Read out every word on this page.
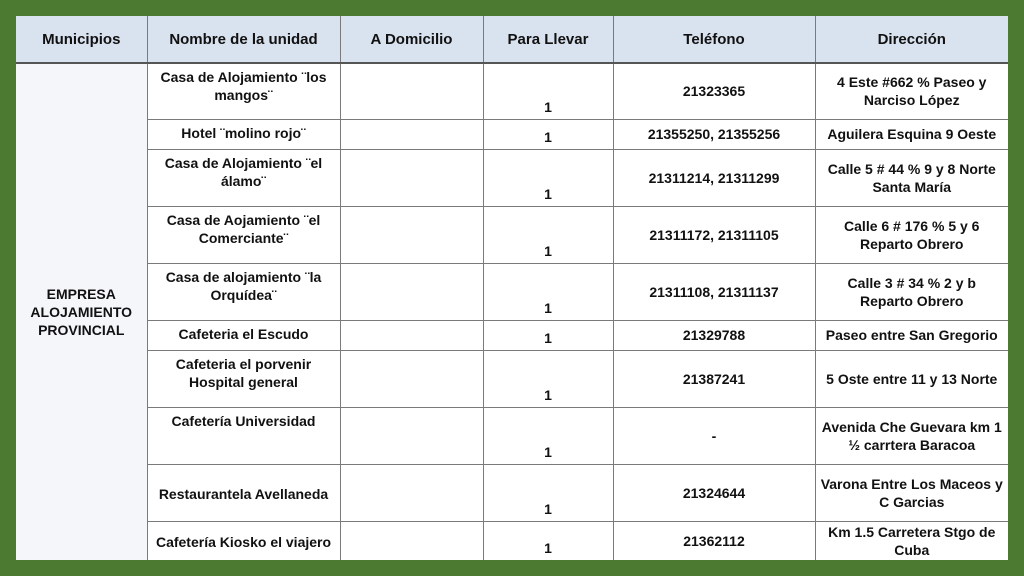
Municipios	Nombre de la unidad	A Domicilio	Para Llevar	Teléfono	Dirección
EMPRESA ALOJAMIENTO PROVINCIAL	Casa de Alojamiento ¨los mangos¨		1	21323365	4 Este #662 % Paseo y Narciso López
	Hotel ¨molino rojo¨		1	21355250, 21355256	Aguilera Esquina 9 Oeste
	Casa de Alojamiento ¨el álamo¨		1	21311214, 21311299	Calle 5 # 44 % 9 y 8 Norte Santa María
	Casa de Aojamiento ¨el Comerciante¨		1	21311172, 21311105	Calle 6 # 176 % 5 y 6 Reparto Obrero
	Casa de alojamiento ¨la Orquídea¨		1	21311108, 21311137	Calle 3 # 34 % 2 y b Reparto Obrero
	Cafeteria el Escudo		1	21329788	Paseo entre San Gregorio
	Cafeteria el porvenir Hospital general		1	21387241	5 Oste entre 11 y 13 Norte
	Cafetería Universidad		1	-	Avenida Che Guevara km 1 ½ carrtera Baracoa
	Restaurantela Avellaneda		1	21324644	Varona Entre Los Maceos y C Garcias
	Cafetería Kiosko el viajero		1	21362112	Km 1.5 Carretera Stgo de Cuba
